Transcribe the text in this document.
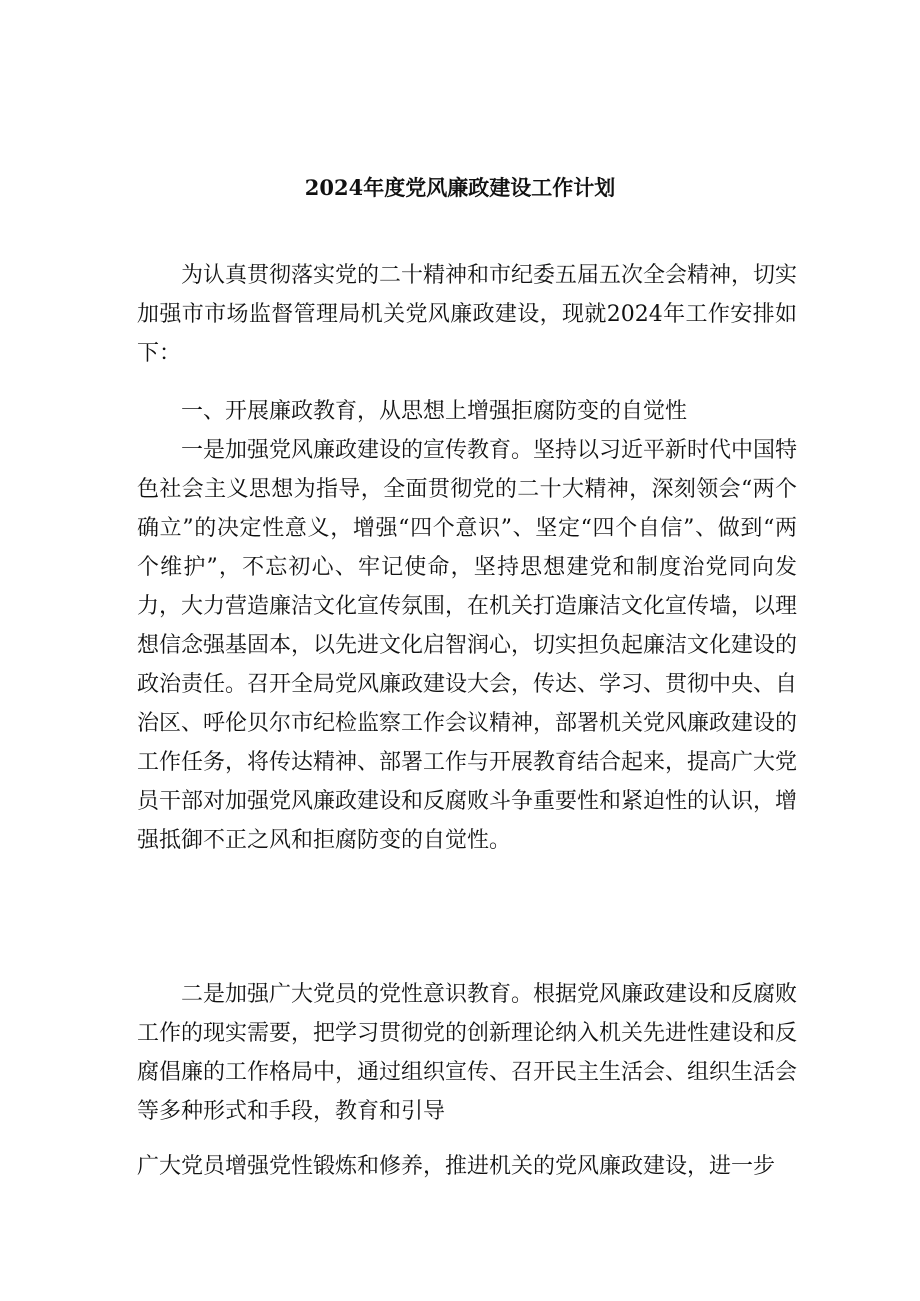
2024年度党风廉政建设工作计划

为认真贯彻落实党的二十精神和市纪委五届五次全会精神，切实加强市市场监督管理局机关党风廉政建设，现就2024年工作安排如下：

一、开展廉政教育，从思想上增强拒腐防变的自觉性

一是加强党风廉政建设的宣传教育。坚持以习近平新时代中国特色社会主义思想为指导，全面贯彻党的二十大精神，深刻领会“两个确立”的决定性意义，增强“四个意识”、坚定“四个自信”、做到“两个维护”，不忘初心、牢记使命，坚持思想建党和制度治党同向发力，大力营造廉洁文化宣传氛围，在机关打造廉洁文化宣传墙，以理想信念强基固本，以先进文化启智润心，切实担负起廉洁文化建设的政治责任。召开全局党风廉政建设大会，传达、学习、贯彻中央、自治区、呼伦贝尔市纪检监察工作会议精神，部署机关党风廉政建设的工作任务，将传达精神、部署工作与开展教育结合起来，提高广大党员干部对加强党风廉政建设和反腐败斗争重要性和紧迫性的认识，增强抵御不正之风和拒腐防变的自觉性。

二是加强广大党员的党性意识教育。根据党风廉政建设和反腐败工作的现实需要，把学习贯彻党的创新理论纳入机关先进性建设和反腐倡廉的工作格局中，通过组织宣传、召开民主生活会、组织生活会等多种形式和手段，教育和引导

广大党员增强党性锻炼和修养，推进机关的党风廉政建设，进一步
